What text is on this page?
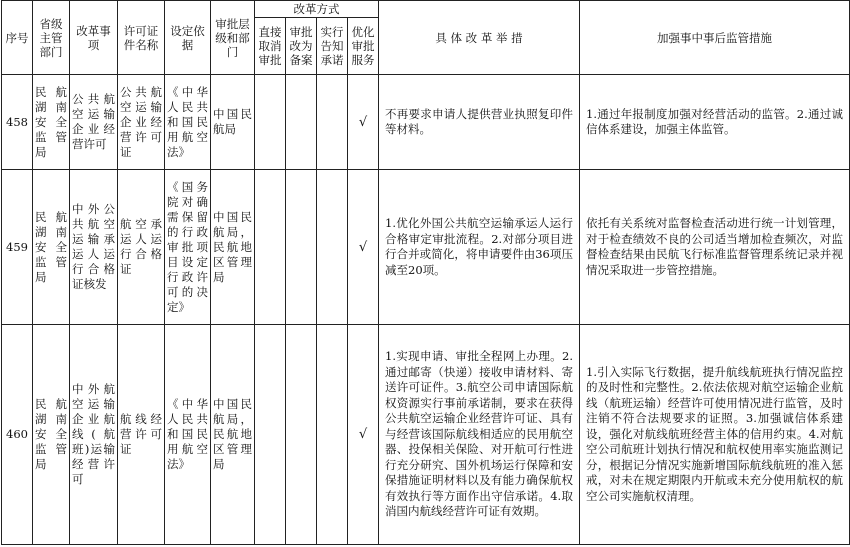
序号	省级主管部门	改革事项	许可证件名称	设定依据	审批层级和部门	改革方式				具 体 改 革 举 措	加强事中事后监管措施
						直接取消审批	审批改为备案	实行告知承诺	优化审批服务		
458	民 航湖 南安 全监 管局	公共航空运输企业经营许可	公共航空运输企业经营许可证	《中华人民共和国民用航空法》	中国民航局				√	不再要求申请人提供营业执照复印件等材料。	1.通过年报制度加强对经营活动的监管。2.通过诚信体系建设，加强主体监管。
459	民 航湖 南安 全监 管局	中外公共航空运输承运人运行合格证核发	航空承运人运行合格证	《国务院对确需保留的行政审批项目设定行政许可的决定》	中国民航局，民航地区管理局				√	1.优化外国公共航空运输承运人运行合格审定审批流程。2.对部分项目进行合并或简化，将申请要件由36项压减至20项。	依托有关系统对监督检查活动进行统一计划管理，对于检查绩效不良的公司适当增加检查频次，对监督检查结果由民航飞行标准监督管理系统记录并视情况采取进一步管控措施。
460	民 航湖 南安 全监 管局	中外航空运输企业航线(航班)运输经营许可	航线经营许可证	《中华人民共和国民用航空法》	中国民航局，民航地区管理局				√	1.实现申请、审批全程网上办理。2.通过邮寄（快递）接收申请材料、寄送许可证件。3.航空公司申请国际航权资源实行事前承诺制，要求在获得公共航空运输企业经营许可证、具有与经营该国际航线相适应的民用航空器、投保相关保险、对开航可行性进行充分研究、国外机场运行保障和安保措施证明材料以及有能力确保航权有效执行等方面作出守信承诺。4.取消国内航线经营许可证有效期。	1.引入实际飞行数据，提升航线航班执行情况监控的及时性和完整性。2.依法依规对航空运输企业航线（航班运输）经营许可使用情况进行监管，及时注销不符合法规要求的证照。3.加强诚信体系建设，强化对航线航班经营主体的信用约束。4.对航空公司航班计划执行情况和航权使用率实施监测记分，根据记分情况实施新增国际航线航班的准入惩戒，对未在规定期限内开航或未充分使用航权的航空公司实施航权清理。
